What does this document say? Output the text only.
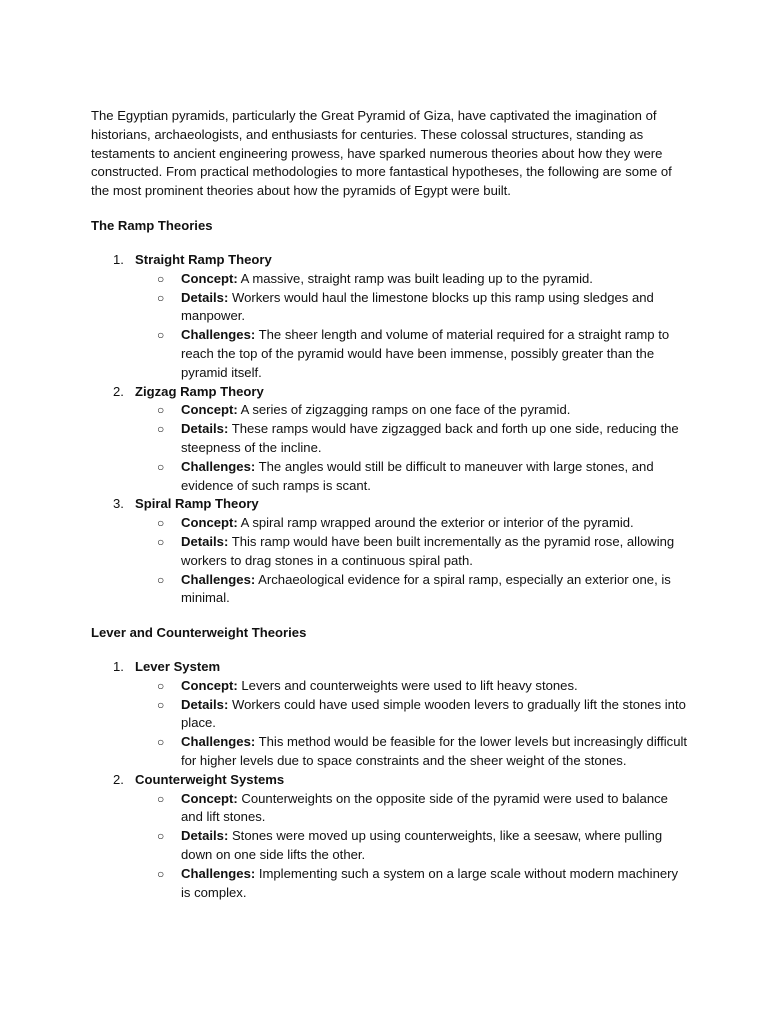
The Egyptian pyramids, particularly the Great Pyramid of Giza, have captivated the imagination of historians, archaeologists, and enthusiasts for centuries. These colossal structures, standing as testaments to ancient engineering prowess, have sparked numerous theories about how they were constructed. From practical methodologies to more fantastical hypotheses, the following are some of the most prominent theories about how the pyramids of Egypt were built.

The Ramp Theories
1. Straight Ramp Theory
○ Concept: A massive, straight ramp was built leading up to the pyramid.
○ Details: Workers would haul the limestone blocks up this ramp using sledges and manpower.
○ Challenges: The sheer length and volume of material required for a straight ramp to reach the top of the pyramid would have been immense, possibly greater than the pyramid itself.
2. Zigzag Ramp Theory
○ Concept: A series of zigzagging ramps on one face of the pyramid.
○ Details: These ramps would have zigzagged back and forth up one side, reducing the steepness of the incline.
○ Challenges: The angles would still be difficult to maneuver with large stones, and evidence of such ramps is scant.
3. Spiral Ramp Theory
○ Concept: A spiral ramp wrapped around the exterior or interior of the pyramid.
○ Details: This ramp would have been built incrementally as the pyramid rose, allowing workers to drag stones in a continuous spiral path.
○ Challenges: Archaeological evidence for a spiral ramp, especially an exterior one, is minimal.
Lever and Counterweight Theories
1. Lever System
○ Concept: Levers and counterweights were used to lift heavy stones.
○ Details: Workers could have used simple wooden levers to gradually lift the stones into place.
○ Challenges: This method would be feasible for the lower levels but increasingly difficult for higher levels due to space constraints and the sheer weight of the stones.
2. Counterweight Systems
○ Concept: Counterweights on the opposite side of the pyramid were used to balance and lift stones.
○ Details: Stones were moved up using counterweights, like a seesaw, where pulling down on one side lifts the other.
○ Challenges: Implementing such a system on a large scale without modern machinery is complex.
